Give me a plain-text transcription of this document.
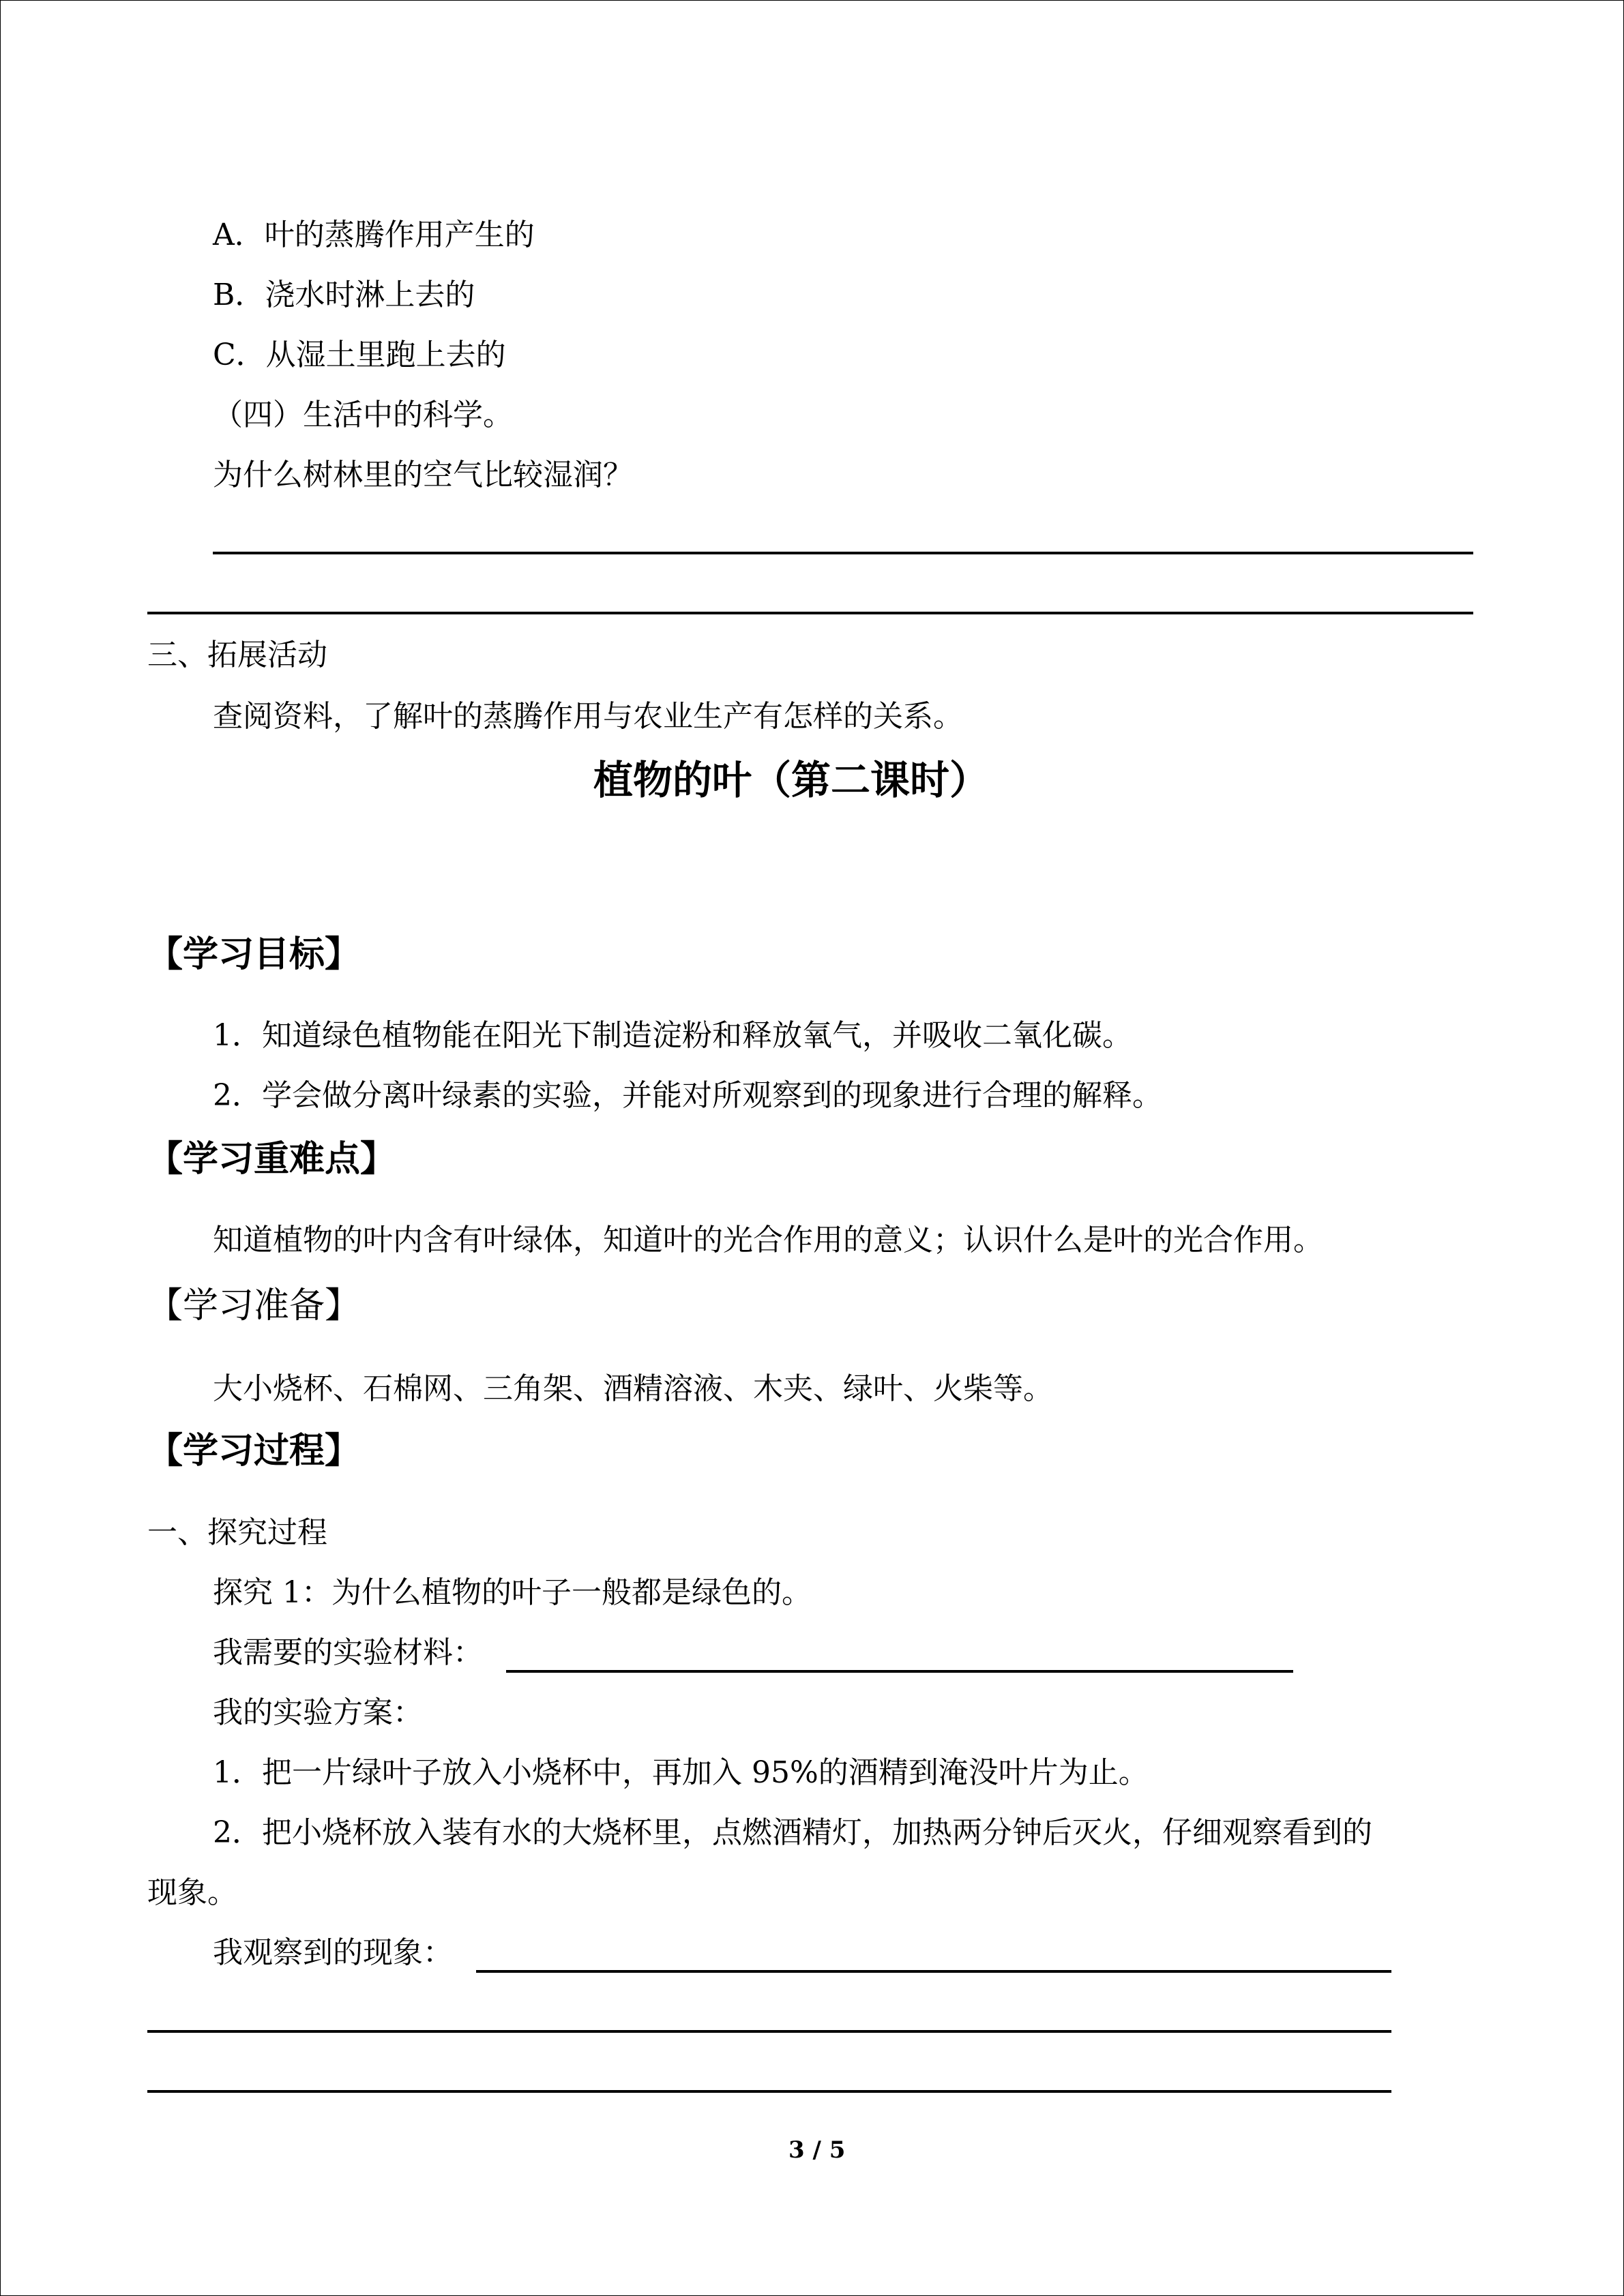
A．叶的蒸腾作用产生的
B．浇水时淋上去的
C．从湿土里跑上去的
（四）生活中的科学。
为什么树林里的空气比较湿润？
三、拓展活动
查阅资料，了解叶的蒸腾作用与农业生产有怎样的关系。
植物的叶（第二课时）
【学习目标】
1．知道绿色植物能在阳光下制造淀粉和释放氧气，并吸收二氧化碳。
2．学会做分离叶绿素的实验，并能对所观察到的现象进行合理的解释。
【学习重难点】
知道植物的叶内含有叶绿体，知道叶的光合作用的意义；认识什么是叶的光合作用。
【学习准备】
大小烧杯、石棉网、三角架、酒精溶液、木夹、绿叶、火柴等。
【学习过程】
一、探究过程
探究 1：为什么植物的叶子一般都是绿色的。
我需要的实验材料：
我的实验方案：
1．把一片绿叶子放入小烧杯中，再加入 95%的酒精到淹没叶片为止。
2．把小烧杯放入装有水的大烧杯里，点燃酒精灯，加热两分钟后灭火，仔细观察看到的
现象。
我观察到的现象：
3 / 5
